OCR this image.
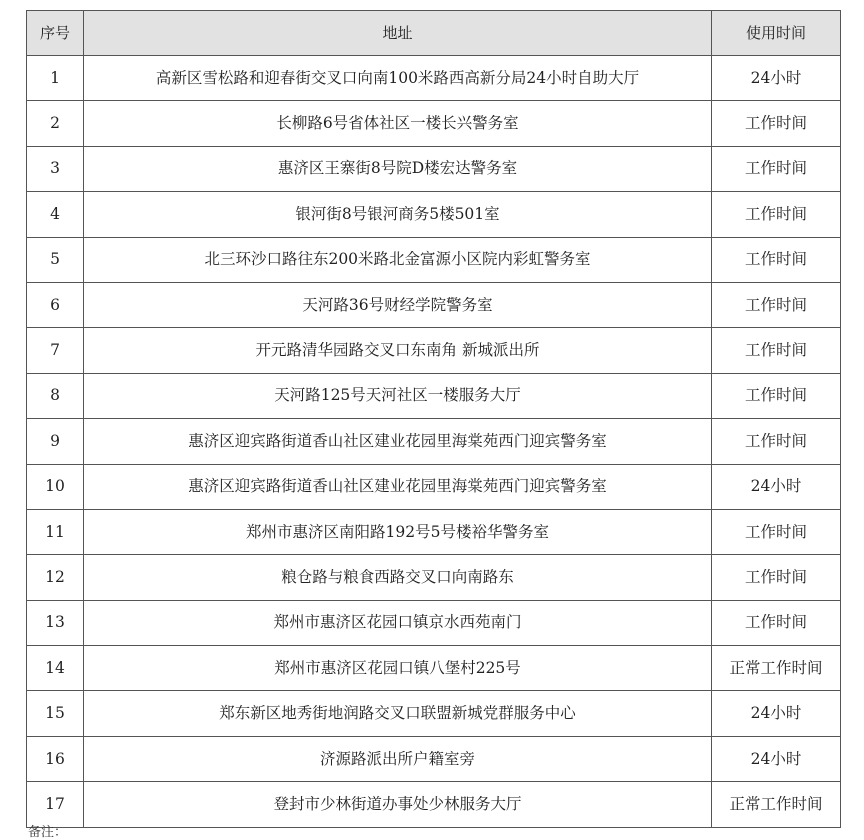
序号	地址	使用时间
1	高新区雪松路和迎春街交叉口向南100米路西高新分局24小时自助大厅	24小时
2	长柳路6号省体社区一楼长兴警务室	工作时间
3	惠济区王寨街8号院D楼宏达警务室	工作时间
4	银河街8号银河商务5楼501室	工作时间
5	北三环沙口路往东200米路北金富源小区院内彩虹警务室	工作时间
6	天河路36号财经学院警务室	工作时间
7	开元路清华园路交叉口东南角 新城派出所	工作时间
8	天河路125号天河社区一楼服务大厅	工作时间
9	惠济区迎宾路街道香山社区建业花园里海棠苑西门迎宾警务室	工作时间
10	惠济区迎宾路街道香山社区建业花园里海棠苑西门迎宾警务室	24小时
11	郑州市惠济区南阳路192号5号楼裕华警务室	工作时间
12	粮仓路与粮食西路交叉口向南路东	工作时间
13	郑州市惠济区花园口镇京水西苑南门	工作时间
14	郑州市惠济区花园口镇八堡村225号	正常工作时间
15	郑东新区地秀街地润路交叉口联盟新城党群服务中心	24小时
16	济源路派出所户籍室旁	24小时
17	登封市少林街道办事处少林服务大厅	正常工作时间
备注：
